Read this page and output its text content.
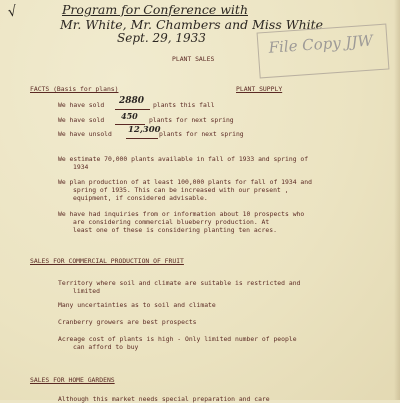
√	Program for Conference with
Mr. White, Mr. Chambers and Miss White
Sept. 29, 1933	File Copy JJW
PLANT SALES
FACTS (Basis for plans)	PLANT SUPPLY
We have sold 2880 plants this fall
We have sold 450 plants for next spring
We have unsold 12,300
plants for next spring
We estimate 70,000 plants available in fall of 1933 and spring of
1934
We plan production of at least 100,000 plants for fall of 1934 and
spring of 1935. This can be increased with our present ,
equipment, if considered advisable.
We have had inquiries from or information about 10 prospects who
are considering commercial blueberry production. At
least one of these is considering planting ten acres.
SALES FOR COMMERCIAL PRODUCTION OF FRUIT
Territory where soil and climate are suitable is restricted and
limited
Many uncertainties as to soil and climate
Cranberry growers are best prospects
Acreage cost of plants is high - Only limited number of people
can afford to buy
SALES FOR HOME GARDENS
Although this market needs special preparation and care
